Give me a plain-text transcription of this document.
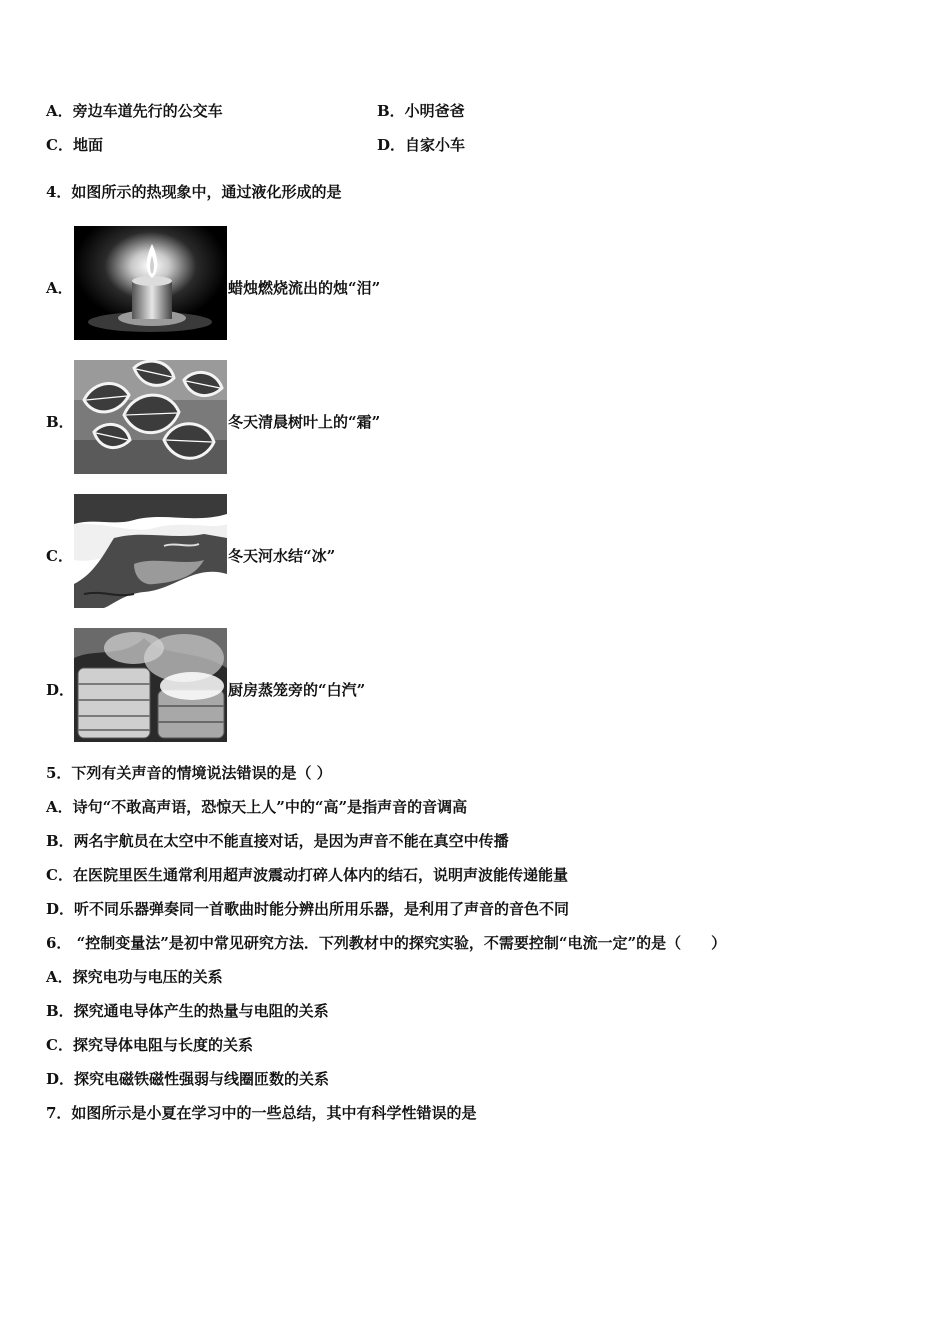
A．旁边车道先行的公交车	B．小明爸爸
C．地面	D．自家小车
4．如图所示的热现象中，通过液化形成的是
A．	蜡烛燃烧流出的烛“泪”
B．	冬天清晨树叶上的“霜”
C．	冬天河水结“冰”
D．	厨房蒸笼旁的“白汽”
5．下列有关声音的情境说法错误的是（ ）
A．诗句“不敢高声语，恐惊天上人”中的“高”是指声音的音调高
B．两名宇航员在太空中不能直接对话，是因为声音不能在真空中传播
C．在医院里医生通常利用超声波震动打碎人体内的结石，说明声波能传递能量
D．听不同乐器弹奏同一首歌曲时能分辨出所用乐器，是利用了声音的音色不同
6． “控制变量法”是初中常见研究方法．下列教材中的探究实验，不需要控制“电流一定”的是（　　）
A．探究电功与电压的关系
B．探究通电导体产生的热量与电阻的关系
C．探究导体电阻与长度的关系
D．探究电磁铁磁性强弱与线圈匝数的关系
7．如图所示是小夏在学习中的一些总结，其中有科学性错误的是
